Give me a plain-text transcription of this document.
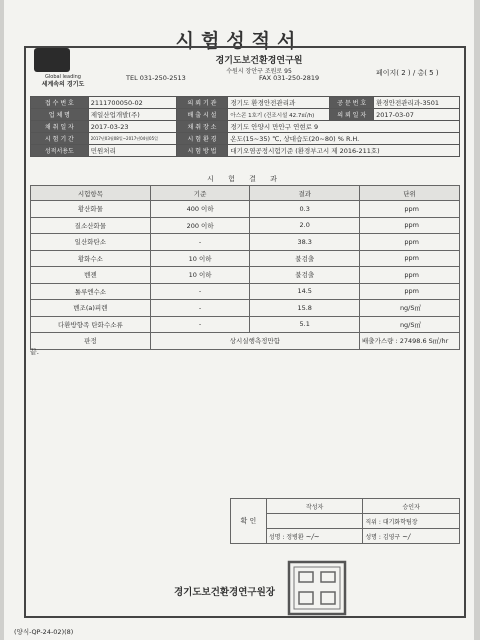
시험성적서
Global leading
세계속의 경기도
경기도보건환경연구원
수원시 장안구 조원로 95
TEL 031-250-2513	FAX 031-250-2819
페이지( 2 ) / 총( 5 )
접 수 번 호	2111700050-02	의 뢰 기 관	경기도 환경안전관리과	공 문 번 호	환경안전관리과-3501
업 체 명	제일산업개발(주)	배 출 시 설	아스콘 1호기 (건조시설 42.7㎥/h)	의 뢰 일 자	2017-03-07
채 취 일 자	2017-03-23	채 취 장 소	경기도 안양시 만안구 연현로 9		
시 험 기 간	2017년03월08일~2017년04월05일	시 험 환 경	온도(15~35) ℃, 상대습도(20~80) % R.H.		
성적서용도	민원처리	시 험 방 법	대기오염공정시험기준 (환경부고시 제 2016-211호)		
시 험 결 과
시험항목	기준	결과	단위
황산화물	400 이하	0.3	ppm
질소산화물	200 이하	2.0	ppm
일산화탄소	-	38.3	ppm
황화수소	10 이하	불검출	ppm
벤젠	10 이하	불검출	ppm
톨루엔수소	-	14.5	ppm
벤조(a)피렌	-	15.8	ng/S㎥
다환방향족 탄화수소류	-	5.1	ng/S㎥
판정	상시실행측정만함		배출가스량 : 27498.6 S㎥/hr
끝.
확 인	작성자	승인자
		직위 : 대기화학팀장
	성명 : 정병환 ~/~	성명 : 김영구 ~/
경기도보건환경연구원장
(양식-QP-24-02)(8)
